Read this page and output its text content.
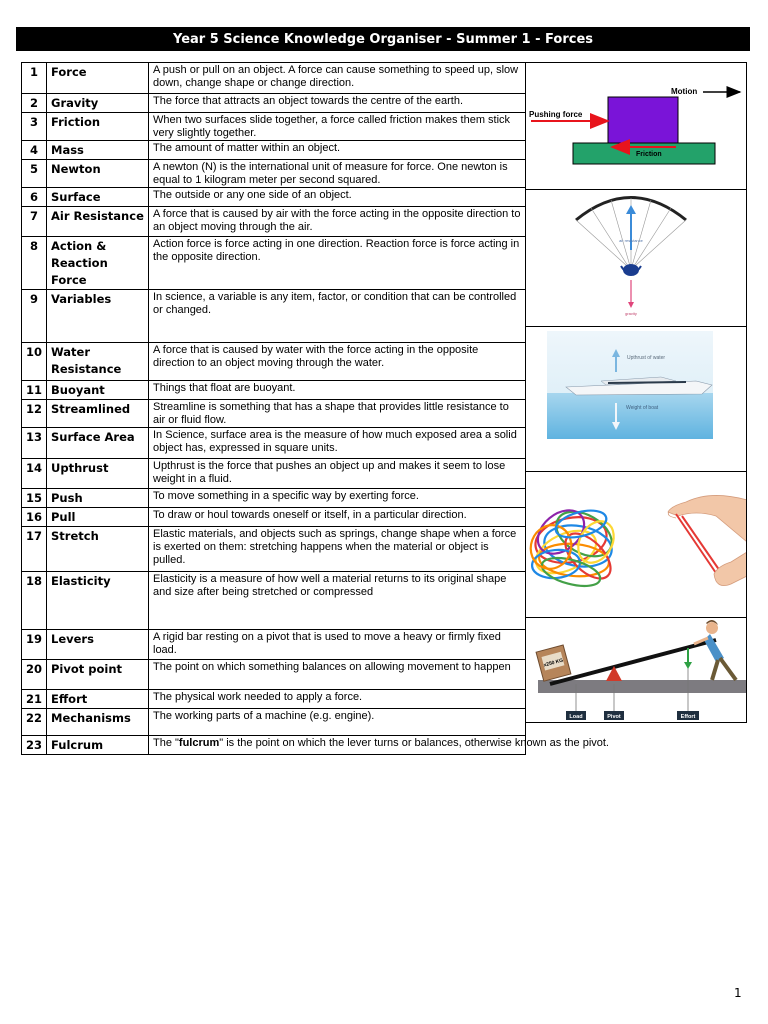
Year 5 Science Knowledge Organiser - Summer 1 - Forces
1	Force	A push or pull on an object. A force can cause something to speed up, slow down, change shape or change direction.
2	Gravity	The force that attracts an object towards the centre of the earth.
3	Friction	When two surfaces slide together, a force called friction makes them stick very slightly together.
4	Mass	The amount of matter within an object.
5	Newton	A newton (N) is the international unit of measure for force. One newton is equal to 1 kilogram meter per second squared.
6	Surface	The outside or any one side of an object.
7	Air Resistance	A force that is caused by air with the force acting in the opposite direction to an object moving through the air.
8	Action & Reaction Force	Action force is force acting in one direction. Reaction force is force acting in the opposite direction.
9	Variables	In science, a variable is any item, factor, or condition that can be controlled or changed.
10	Water Resistance	A force that is caused by water with the force acting in the opposite direction to an object moving through the water.
11	Buoyant	Things that float are buoyant.
12	Streamlined	Streamline is something that has a shape that provides little resistance to air or fluid flow.
13	Surface Area	In Science, surface area is the measure of how much exposed area a solid object has, expressed in square units.
14	Upthrust	Upthrust is the force that pushes an object up and makes it seem to lose weight in a fluid.
15	Push	To move something in a specific way by exerting force.
16	Pull	To draw or houl towards oneself or itself, in a particular direction.
17	Stretch	Elastic materials, and objects such as springs, change shape when a force is exerted on them: stretching happens when the material or object is pulled.
18	Elasticity	Elasticity is a measure of how well a material returns to its original shape and size after being stretched or compressed
19	Levers	A rigid bar resting on a pivot that is used to move a heavy or firmly fixed load.
20	Pivot point	The point on which something balances on allowing movement to happen
21	Effort	The physical work needed to apply a force.
22	Mechanisms	The working parts of a machine (e.g. engine).
23	Fulcrum	The "fulcrum" is the point on which the lever turns or balances, otherwise known as the pivot.
Motion
Pushing force
Friction
air resistance
gravity
Upthrust of water
Weight of boat
x250 KG
Load	Pivot	Effort
1
